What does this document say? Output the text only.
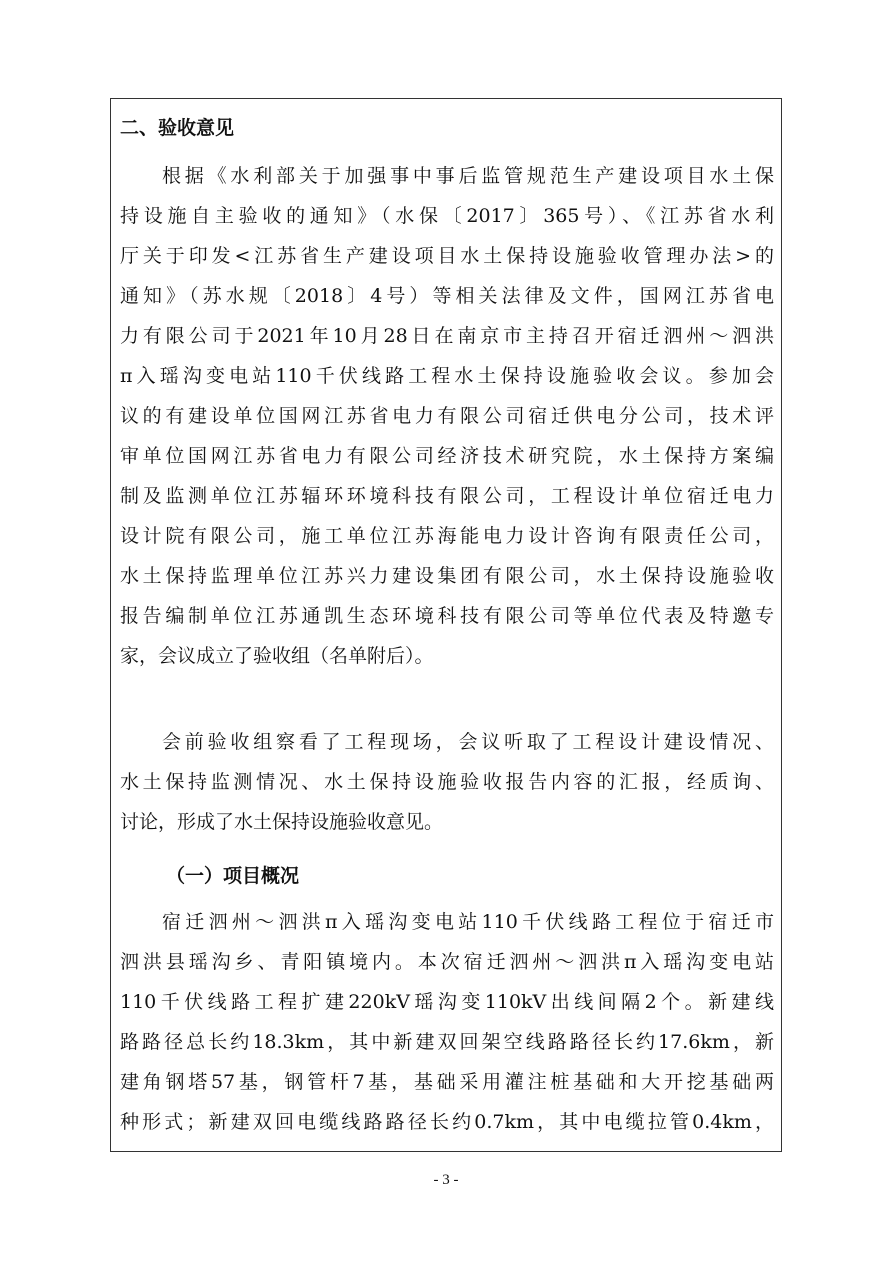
二、验收意见
根据《水利部关于加强事中事后监管规范生产建设项目水土保
持设施自主验收的通知》（水保〔2017〕365号）、《江苏省水利
厅关于印发<江苏省生产建设项目水土保持设施验收管理办法>的
通知》（苏水规〔2018〕4号）等相关法律及文件，国网江苏省电
力有限公司于2021年10月28日在南京市主持召开宿迁泗州～泗洪
π入瑶沟变电站110千伏线路工程水土保持设施验收会议。参加会
议的有建设单位国网江苏省电力有限公司宿迁供电分公司，技术评
审单位国网江苏省电力有限公司经济技术研究院，水土保持方案编
制及监测单位江苏辐环环境科技有限公司，工程设计单位宿迁电力
设计院有限公司，施工单位江苏海能电力设计咨询有限责任公司，
水土保持监理单位江苏兴力建设集团有限公司，水土保持设施验收
报告编制单位江苏通凯生态环境科技有限公司等单位代表及特邀专
家，会议成立了验收组（名单附后）。
会前验收组察看了工程现场，会议听取了工程设计建设情况、
水土保持监测情况、水土保持设施验收报告内容的汇报，经质询、
讨论，形成了水土保持设施验收意见。
（一）项目概况
宿迁泗州～泗洪π入瑶沟变电站110千伏线路工程位于宿迁市
泗洪县瑶沟乡、青阳镇境内。本次宿迁泗州～泗洪π入瑶沟变电站
110千伏线路工程扩建220kV瑶沟变110kV出线间隔2个。新建线
路路径总长约18.3km，其中新建双回架空线路路径长约17.6km，新
建角钢塔57基，钢管杆7基，基础采用灌注桩基础和大开挖基础两
种形式；新建双回电缆线路路径长约0.7km，其中电缆拉管0.4km，
- 3 -
